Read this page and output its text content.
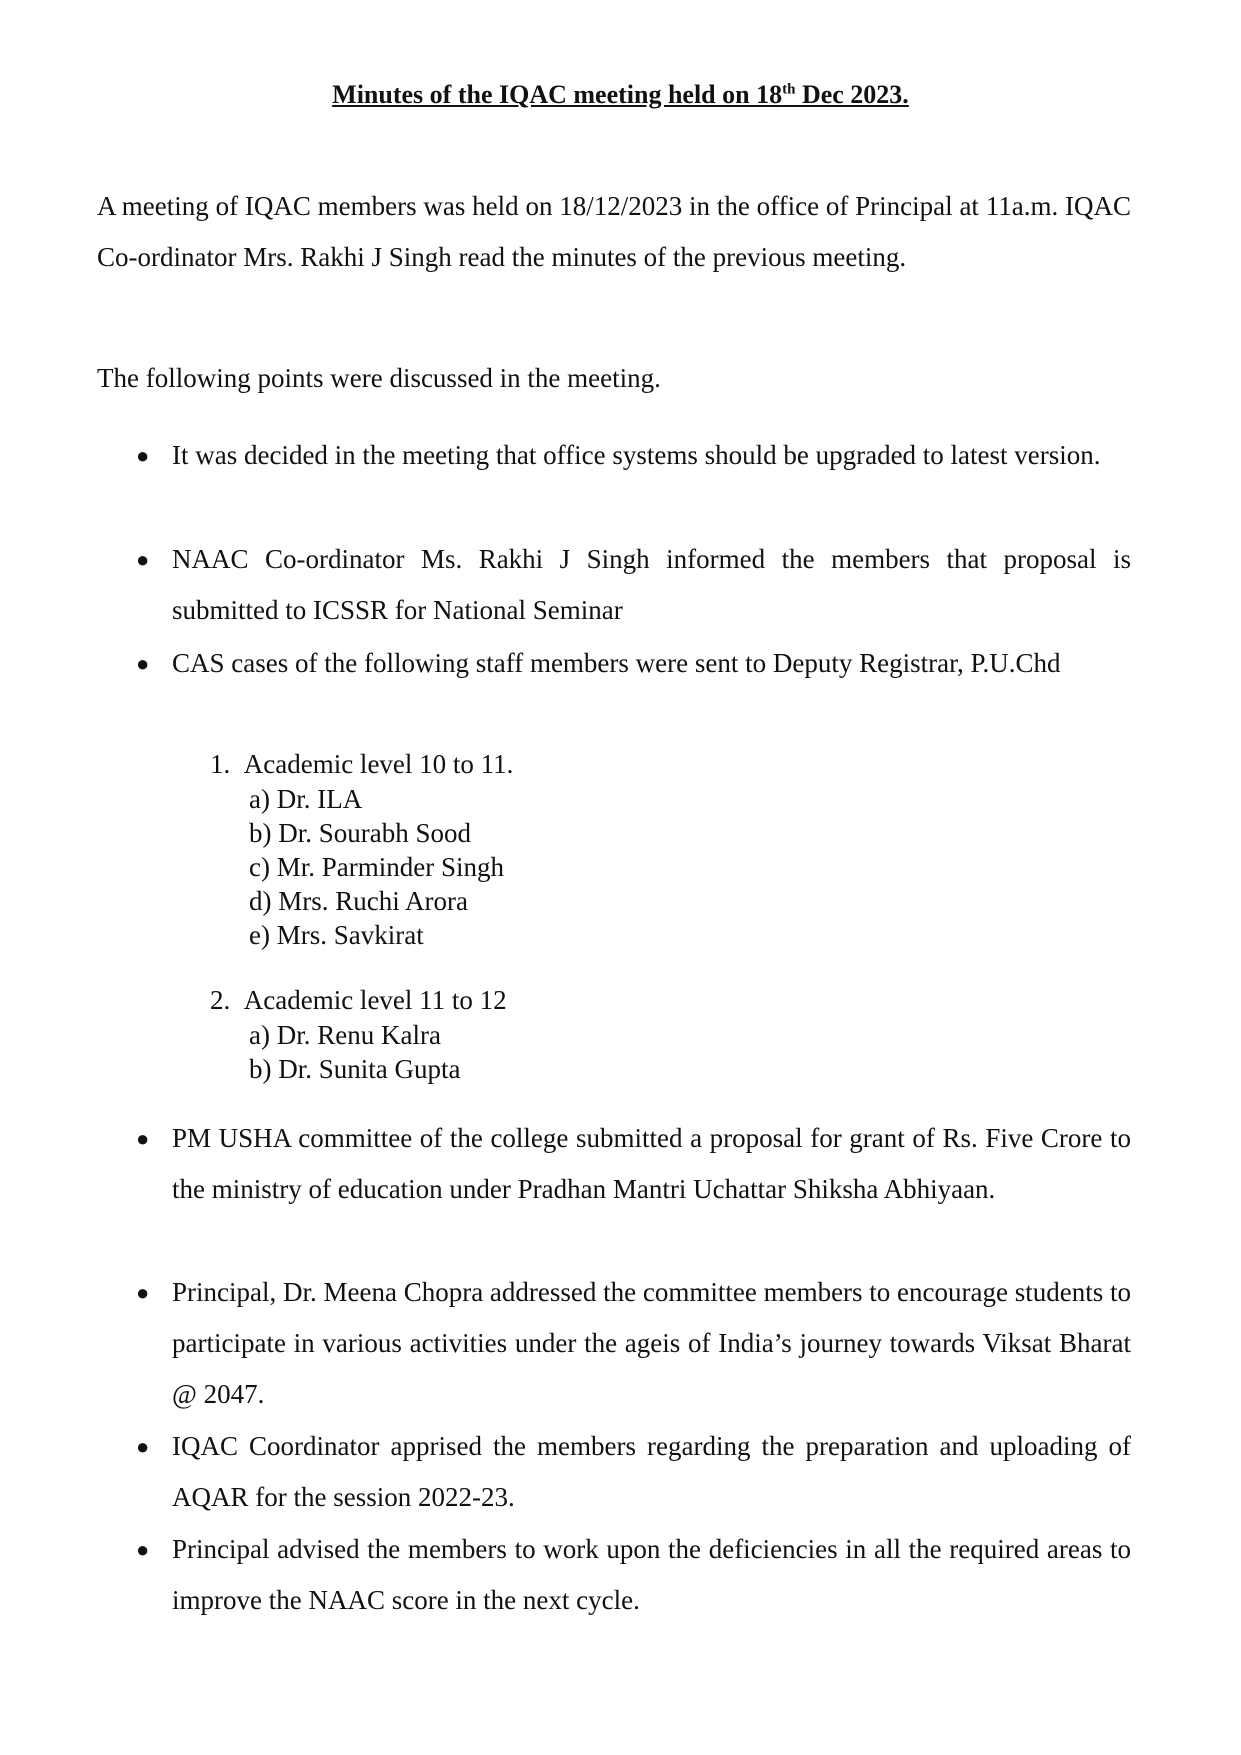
Minutes of the IQAC meeting held on 18th Dec 2023.

A meeting of IQAC members was held on 18/12/2023 in the office of Principal at 11a.m. IQAC Co-ordinator Mrs. Rakhi J Singh read the minutes of the previous meeting.

The following points were discussed in the meeting.

● It was decided in the meeting that office systems should be upgraded to latest version.

● NAAC Co-ordinator Ms. Rakhi J Singh informed the members that proposal is submitted to ICSSR for National Seminar

● CAS cases of the following staff members were sent to Deputy Registrar, P.U.Chd

1. Academic level 10 to 11.

a) Dr. ILA

b) Dr. Sourabh Sood

c) Mr. Parminder Singh

d) Mrs. Ruchi Arora

e) Mrs. Savkirat

2. Academic level 11 to 12

a) Dr. Renu Kalra

b) Dr. Sunita Gupta

● PM USHA committee of the college submitted a proposal for grant of Rs. Five Crore to the ministry of education under Pradhan Mantri Uchattar Shiksha Abhiyaan.

● Principal, Dr. Meena Chopra addressed the committee members to encourage students to participate in various activities under the ageis of India’s journey towards Viksat Bharat @ 2047.

● IQAC Coordinator apprised the members regarding the preparation and uploading of AQAR for the session 2022-23.

● Principal advised the members to work upon the deficiencies in all the required areas to improve the NAAC score in the next cycle.
